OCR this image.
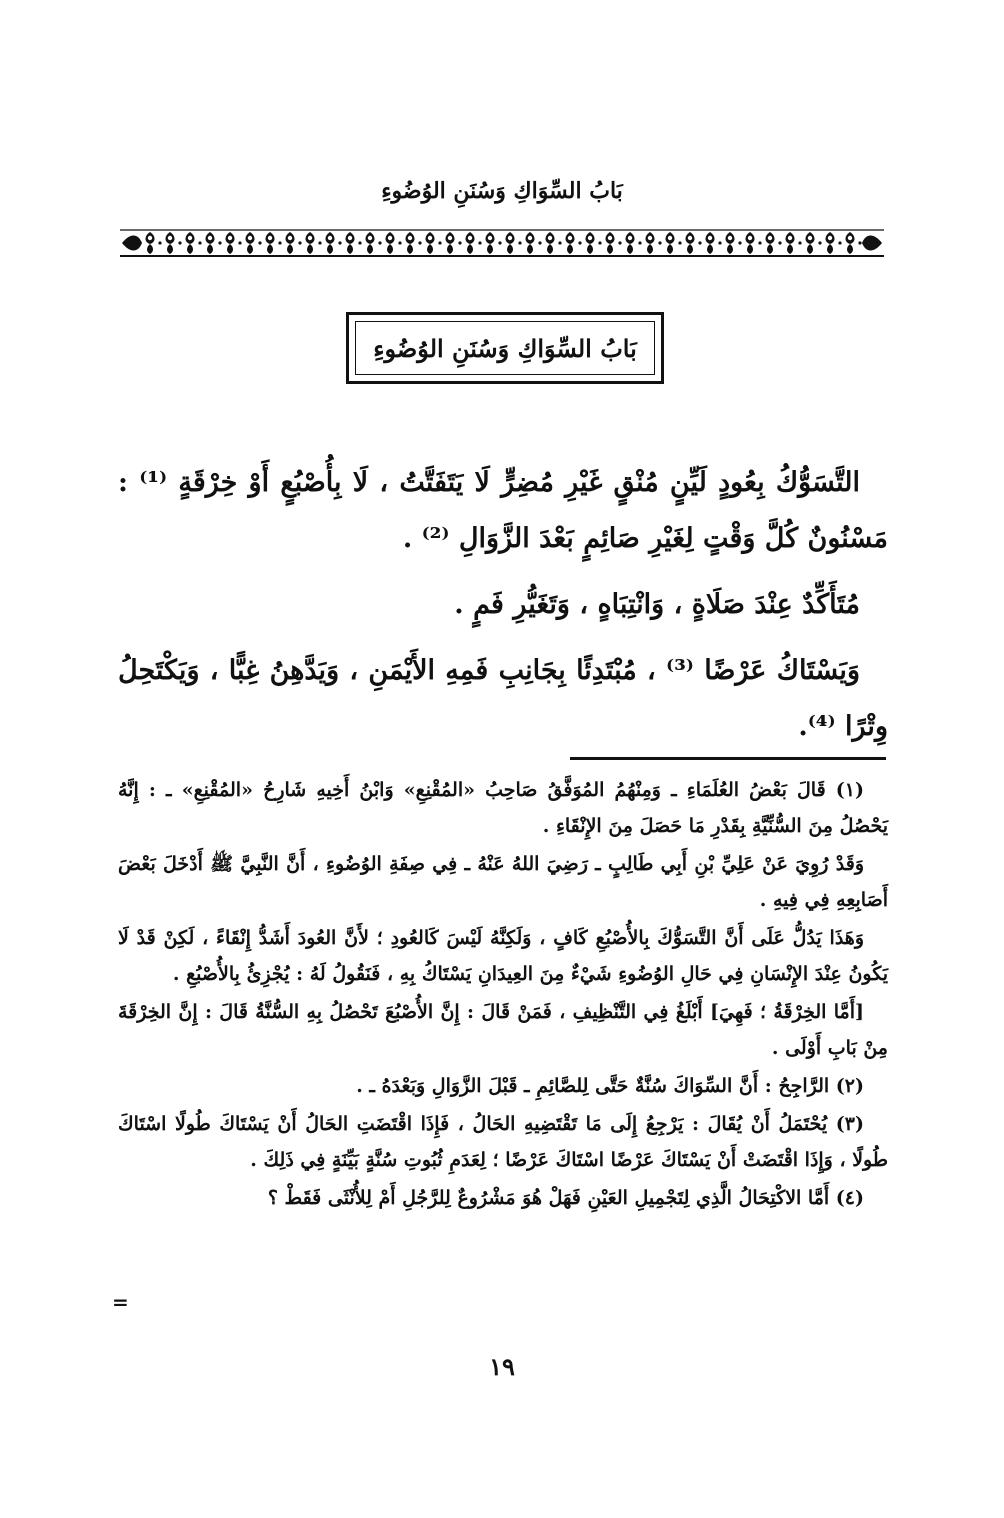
بَابُ السِّوَاكِ وَسُنَنِ الوُضُوءِ
بَابُ السِّوَاكِ وَسُنَنِ الوُضُوءِ

التَّسَوُّكُ بِعُودٍ لَيِّنٍ مُنْقٍ غَيْرِ مُضِرٍّ لَا يَتَفَتَّتُ ، لَا بِأُصْبُعٍ أَوْ خِرْقَةٍ ⁽¹⁾ : مَسْنُونٌ كُلَّ وَقْتٍ لِغَيْرِ صَائِمٍ بَعْدَ الزَّوَالِ ⁽²⁾ .

مُتَأَكِّدٌ عِنْدَ صَلَاةٍ ، وَانْتِبَاهٍ ، وَتَغَيُّرِ فَمٍ .

وَيَسْتَاكُ عَرْضًا ⁽³⁾ ، مُبْتَدِئًا بِجَانِبِ فَمِهِ الأَيْمَنِ ، وَيَدَّهِنُ غِبًّا ، وَيَكْتَحِلُ وِتْرًا ⁽⁴⁾.

(١) قَالَ بَعْضُ العُلَمَاءِ ـ وَمِنْهُمُ المُوَفَّقُ صَاحِبُ «المُقْنِعِ» وَابْنُ أَخِيهِ شَارِحُ «المُقْنِعِ» ـ : إِنَّهُ يَحْصُلُ مِنَ السُّنِّيَّةِ بِقَدْرِ مَا حَصَلَ مِنَ الإِنْقَاءِ .

وَقَدْ رُوِيَ عَنْ عَلِيِّ بْنِ أَبِي طَالِبٍ ـ رَضِيَ اللهُ عَنْهُ ـ فِي صِفَةِ الوُضُوءِ ، أَنَّ النَّبِيَّ ﷺ أَدْخَلَ بَعْضَ أَصَابِعِهِ فِي فِيهِ .

وَهَذَا يَدُلُّ عَلَى أَنَّ التَّسَوُّكَ بِالأُصْبُعِ كَافٍ ، وَلَكِنَّهُ لَيْسَ كَالعُودِ ؛ لأَنَّ العُودَ أَشَدُّ إِنْقَاءً ، لَكِنْ قَدْ لَا يَكُونُ عِنْدَ الإِنْسَانِ فِي حَالِ الوُضُوءِ شَيْءٌ مِنَ العِيدَانِ يَسْتَاكُ بِهِ ، فَنَقُولُ لَهُ : يُجْزِئُ بِالأُصْبُعِ .

[أَمَّا الخِرْقَةُ ؛ فَهِيَ] أَبْلَغُ فِي التَّنْظِيفِ ، فَمَنْ قَالَ : إِنَّ الأُصْبُعَ تَحْصُلُ بِهِ السُّنَّةُ قَالَ : إِنَّ الخِرْقَةَ مِنْ بَابِ أَوْلَى .

(٢) الرَّاجِحُ : أَنَّ السِّوَاكَ سُنَّةٌ حَتَّى لِلصَّائِمِ ـ قَبْلَ الزَّوَالِ وَبَعْدَهُ ـ .

(٣) يُحْتَمَلُ أَنْ يُقَالَ : يَرْجِعُ إِلَى مَا تَقْتَضِيهِ الحَالُ ، فَإِذَا اقْتَضَتِ الحَالُ أَنْ يَسْتَاكَ طُولًا اسْتَاكَ طُولًا ، وَإِذَا اقْتَضَتْ أَنْ يَسْتَاكَ عَرْضًا اسْتَاكَ عَرْضًا ؛ لِعَدَمِ ثُبُوتِ سُنَّةٍ بَيِّنَةٍ فِي ذَلِكَ .

(٤) أَمَّا الاكْتِحَالُ الَّذِي لِتَجْمِيلِ العَيْنِ فَهَلْ هُوَ مَشْرُوعٌ لِلرَّجُلِ أَمْ لِلأُنْثَى فَقَطْ ؟

=
١٩
